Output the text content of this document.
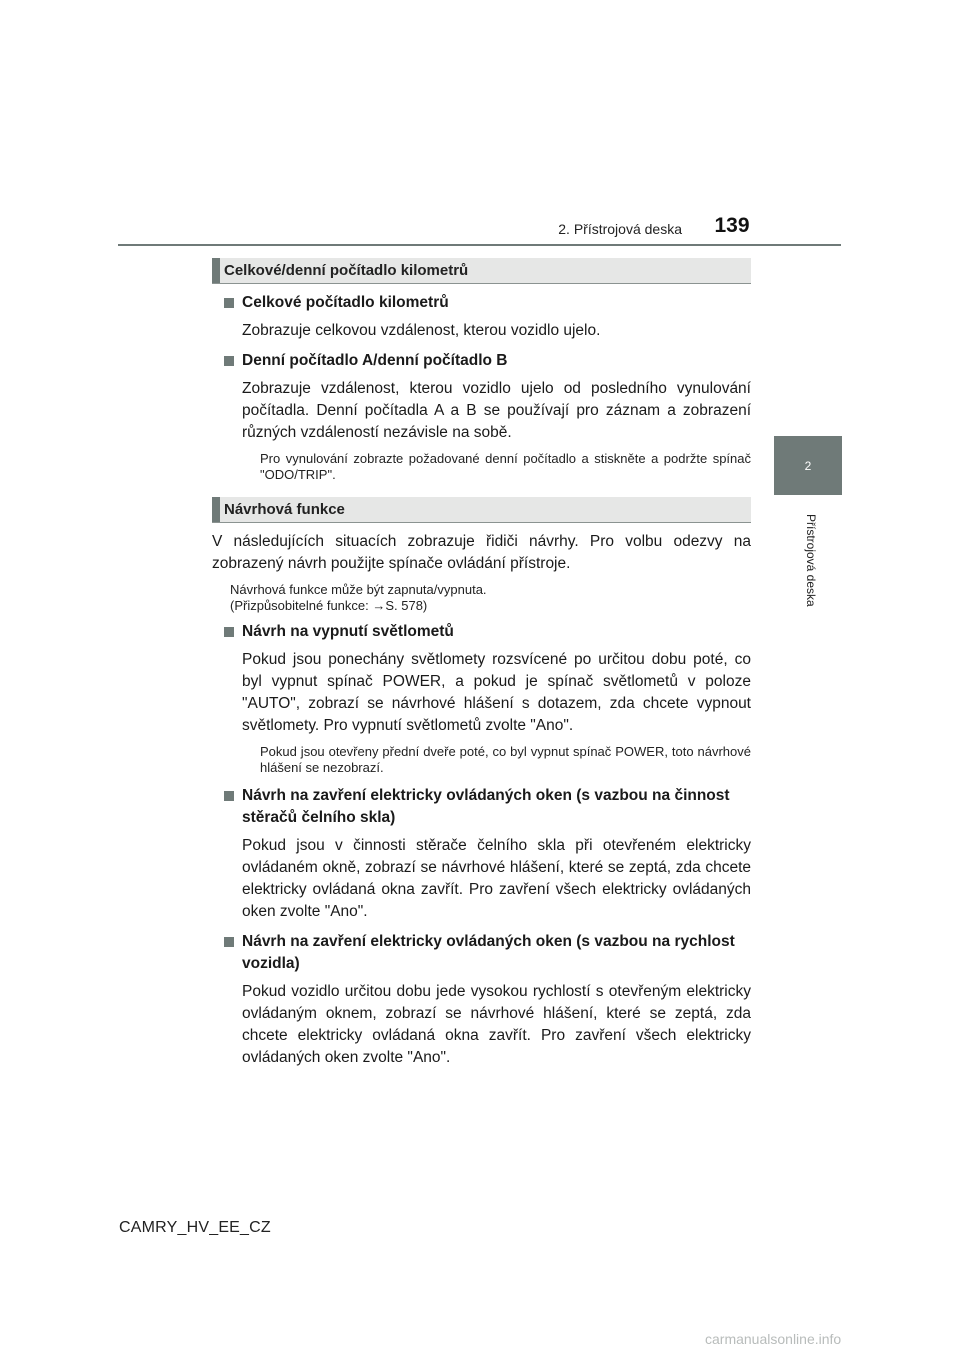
2. Přístrojová deska	139
2
Přístrojová deska
Celkové/denní počítadlo kilometrů
Celkové počítadlo kilometrů
Zobrazuje celkovou vzdálenost, kterou vozidlo ujelo.
Denní počítadlo A/denní počítadlo B
Zobrazuje vzdálenost, kterou vozidlo ujelo od posledního vynulování počítadla. Denní počítadla A a B se používají pro záznam a zobrazení různých vzdáleností nezávisle na sobě.
Pro vynulování zobrazte požadované denní počítadlo a stiskněte a podržte spínač "ODO/TRIP".
Návrhová funkce
V následujících situacích zobrazuje řidiči návrhy. Pro volbu odezvy na zobrazený návrh použijte spínače ovládání přístroje.
Návrhová funkce může být zapnuta/vypnuta.
(Přizpůsobitelné funkce: →S. 578)
Návrh na vypnutí světlometů
Pokud jsou ponechány světlomety rozsvícené po určitou dobu poté, co byl vypnut spínač POWER, a pokud je spínač světlometů v poloze "AUTO", zobrazí se návrhové hlášení s dotazem, zda chcete vypnout světlomety. Pro vypnutí světlometů zvolte "Ano".
Pokud jsou otevřeny přední dveře poté, co byl vypnut spínač POWER, toto návrhové hlášení se nezobrazí.
Návrh na zavření elektricky ovládaných oken (s vazbou na činnost stěračů čelního skla)
Pokud jsou v činnosti stěrače čelního skla při otevřeném elektricky ovládaném okně, zobrazí se návrhové hlášení, které se zeptá, zda chcete elektricky ovládaná okna zavřít. Pro zavření všech elektricky ovládaných oken zvolte "Ano".
Návrh na zavření elektricky ovládaných oken (s vazbou na rychlost vozidla)
Pokud vozidlo určitou dobu jede vysokou rychlostí s otevřeným elektricky ovládaným oknem, zobrazí se návrhové hlášení, které se zeptá, zda chcete elektricky ovládaná okna zavřít. Pro zavření všech elektricky ovládaných oken zvolte "Ano".
CAMRY_HV_EE_CZ
carmanualsonline.info
